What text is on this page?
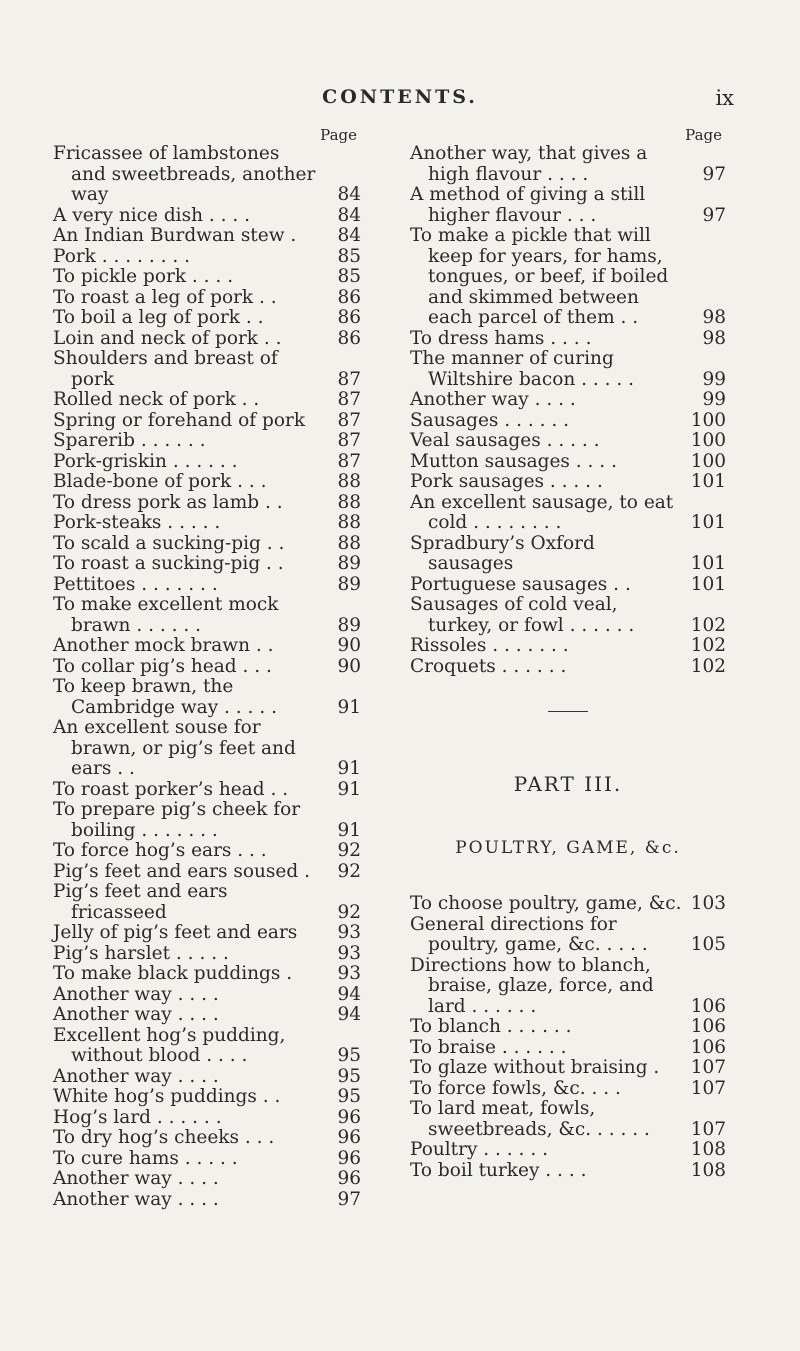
CONTENTS.	ix
Page
Fricassee of lambstones and sweetbreads, another way	84
A very nice dish . . . .	84
An Indian Burdwan stew .	84
Pork . . . . . . . .	85
To pickle pork . . . .	85
To roast a leg of pork . .	86
To boil a leg of pork . .	86
Loin and neck of pork . .	86
Shoulders and breast of pork	87
Rolled neck of pork . .	87
Spring or forehand of pork	87
Sparerib . . . . . .	87
Pork-griskin . . . . . .	87
Blade-bone of pork . . .	88
To dress pork as lamb . .	88
Pork-steaks . . . . .	88
To scald a sucking-pig . .	88
To roast a sucking-pig . .	89
Pettitoes . . . . . . .	89
To make excellent mock brawn . . . . . .	89
Another mock brawn . .	90
To collar pig’s head . . .	90
To keep brawn, the Cambridge way . . . . .	91
An excellent souse for brawn, or pig’s feet and ears . .	91
To roast porker’s head . .	91
To prepare pig’s cheek for boiling . . . . . . .	91
To force hog’s ears . . .	92
Pig’s feet and ears soused .	92
Pig’s feet and ears fricasseed	92
Jelly of pig’s feet and ears	93
Pig’s harslet . . . . .	93
To make black puddings .	93
Another way . . . .	94
Another way . . . .	94
Excellent hog’s pudding, without blood . . . .	95
Another way . . . .	95
White hog’s puddings . .	95
Hog’s lard . . . . . .	96
To dry hog’s cheeks . . .	96
To cure hams . . . . .	96
Another way . . . .	96
Another way . . . .	97
Page
Another way, that gives a high flavour . . . .	97
A method of giving a still higher flavour . . .	97
To make a pickle that will keep for years, for hams, tongues, or beef, if boiled and skimmed between each parcel of them . .	98
To dress hams . . . .	98
The manner of curing Wiltshire bacon . . . . .	99
Another way . . . .	99
Sausages . . . . . .	100
Veal sausages . . . . .	100
Mutton sausages . . . .	100
Pork sausages . . . . .	101
An excellent sausage, to eat cold . . . . . . . .	101
Spradbury’s Oxford sausages	101
Portuguese sausages . .	101
Sausages of cold veal, turkey, or fowl . . . . . .	102
Rissoles . . . . . . .	102
Croquets . . . . . .	102
PART III.
POULTRY, GAME, &c.
To choose poultry, game, &c. 103
General directions for poultry, game, &c. . . . .	105
Directions how to blanch, braise, glaze, force, and lard . . . . . .	106
To blanch . . . . . .	106
To braise . . . . . .	106
To glaze without braising .	107
To force fowls, &c. . . .	107
To lard meat, fowls, sweetbreads, &c. . . . . .	107
Poultry . . . . . .	108
To boil turkey . . . .	108
